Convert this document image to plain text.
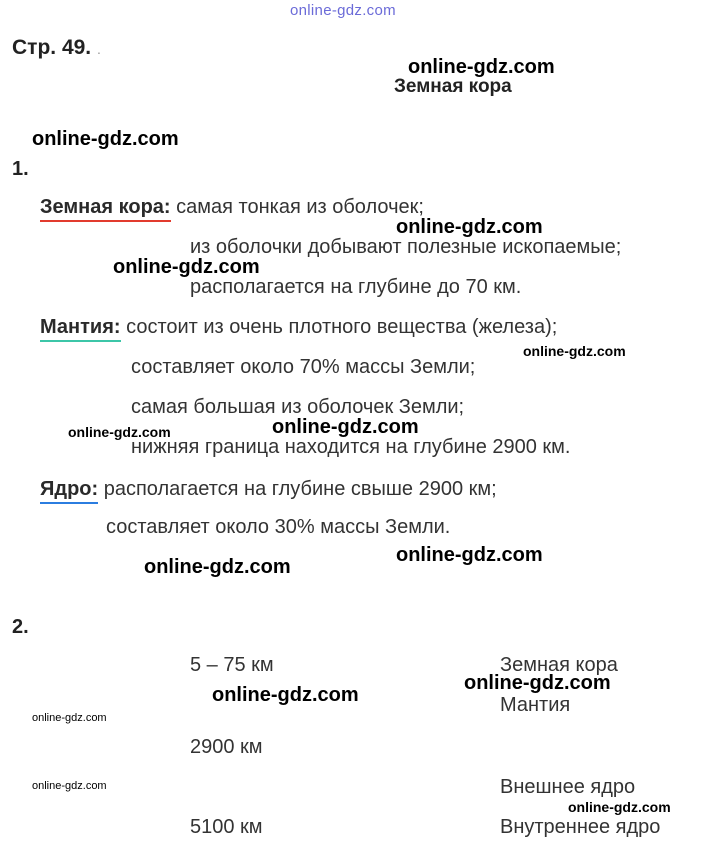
online-gdz.com
Стр. 49. .
online-gdz.com
Земная кора
online-gdz.com
1.
Земная кора: самая тонкая из оболочек;
online-gdz.com
из оболочки добывают полезные ископаемые;
online-gdz.com
располагается на глубине до 70 км.
Мантия: состоит из очень плотного вещества (железа);
online-gdz.com
составляет около 70% массы Земли;
самая большая из оболочек Земли;
online-gdz.com	online-gdz.com
нижняя граница находится на глубине 2900 км.
Ядро: располагается на глубине свыше 2900 км;
составляет около 30% массы Земли.
online-gdz.com
online-gdz.com
2.
5 – 75 км	Земная кора
online-gdz.com
online-gdz.com	Мантия
online-gdz.com
2900 км
online-gdz.com	Внешнее ядро
online-gdz.com
5100 км	Внутреннее ядро
